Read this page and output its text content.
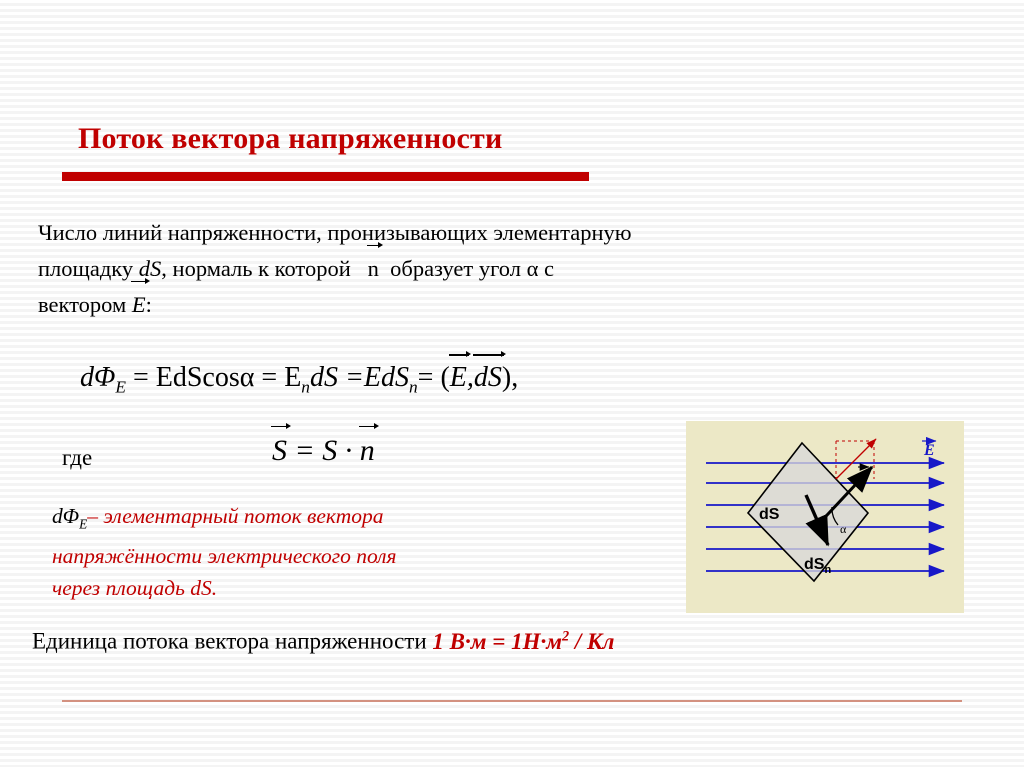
Поток вектора напряженности
Число линий напряженности, пронизывающих элементарную
площадку dS, нормаль к которой n образует угол α с
вектором
E:
$d\Phi_E = EdScos\alpha = E_ndS =EdS_n=$ (
E,
dS),
где	S = S · n
$d\Phi_E-$ элементарный поток вектора
напряжённости электрического поля
через площадь dS.
Единица потока вектора напряженности 1 $В\cdot м = 1Н\cdot м^2$ / Кл
dS
$dS_n$
n
α
E
